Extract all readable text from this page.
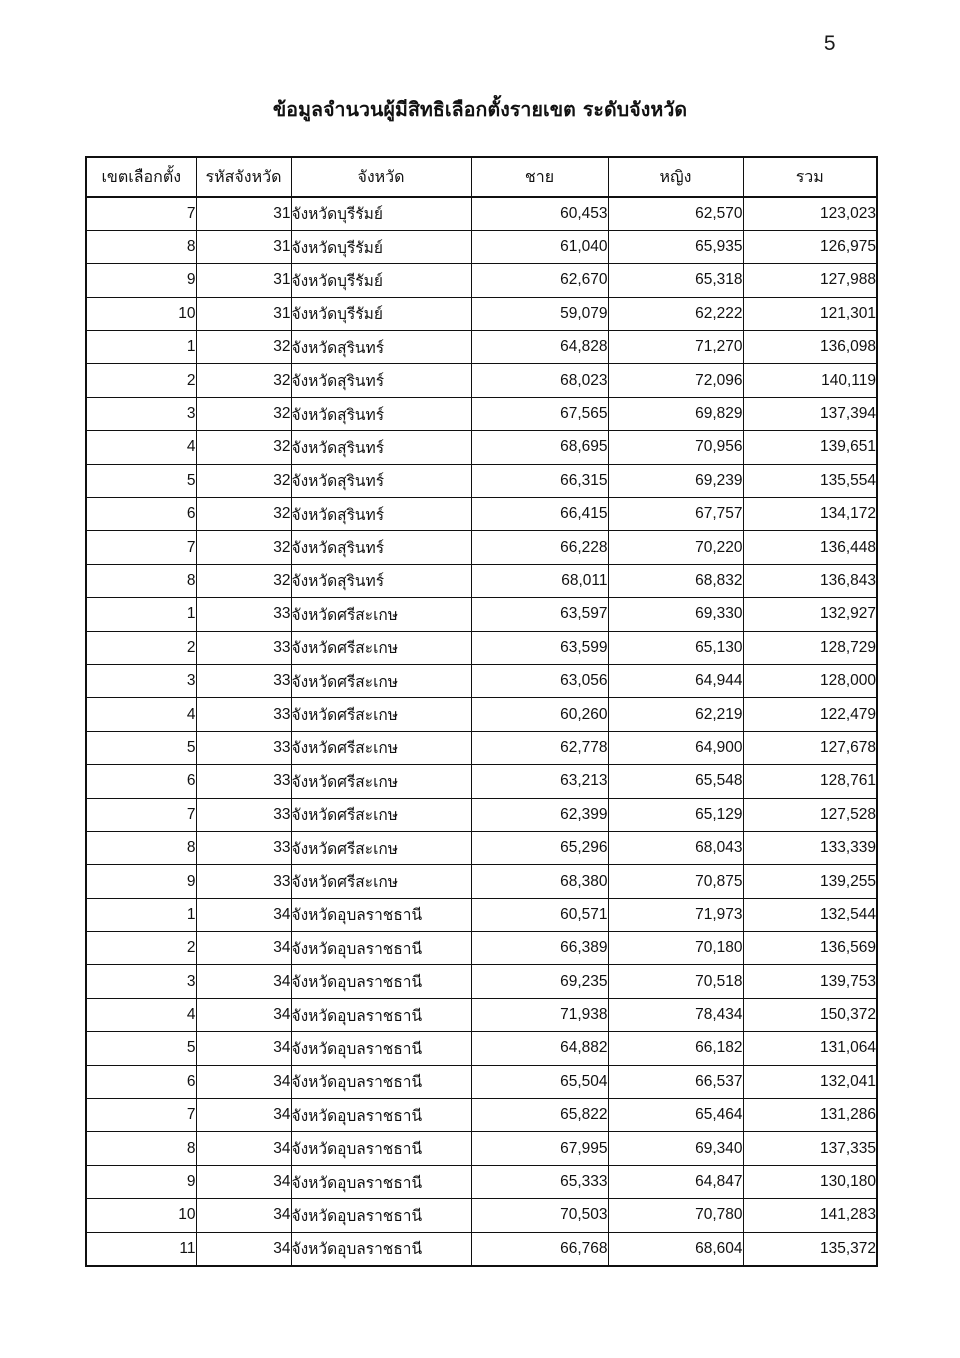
5
ข้อมูลจำนวนผู้มีสิทธิเลือกตั้งรายเขต ระดับจังหวัด
เขตเลือกตั้ง	รหัสจังหวัด	จังหวัด	ชาย	หญิง	รวม
7	31	จังหวัดบุรีรัมย์	60,453	62,570	123,023
8	31	จังหวัดบุรีรัมย์	61,040	65,935	126,975
9	31	จังหวัดบุรีรัมย์	62,670	65,318	127,988
10	31	จังหวัดบุรีรัมย์	59,079	62,222	121,301
1	32	จังหวัดสุรินทร์	64,828	71,270	136,098
2	32	จังหวัดสุรินทร์	68,023	72,096	140,119
3	32	จังหวัดสุรินทร์	67,565	69,829	137,394
4	32	จังหวัดสุรินทร์	68,695	70,956	139,651
5	32	จังหวัดสุรินทร์	66,315	69,239	135,554
6	32	จังหวัดสุรินทร์	66,415	67,757	134,172
7	32	จังหวัดสุรินทร์	66,228	70,220	136,448
8	32	จังหวัดสุรินทร์	68,011	68,832	136,843
1	33	จังหวัดศรีสะเกษ	63,597	69,330	132,927
2	33	จังหวัดศรีสะเกษ	63,599	65,130	128,729
3	33	จังหวัดศรีสะเกษ	63,056	64,944	128,000
4	33	จังหวัดศรีสะเกษ	60,260	62,219	122,479
5	33	จังหวัดศรีสะเกษ	62,778	64,900	127,678
6	33	จังหวัดศรีสะเกษ	63,213	65,548	128,761
7	33	จังหวัดศรีสะเกษ	62,399	65,129	127,528
8	33	จังหวัดศรีสะเกษ	65,296	68,043	133,339
9	33	จังหวัดศรีสะเกษ	68,380	70,875	139,255
1	34	จังหวัดอุบลราชธานี	60,571	71,973	132,544
2	34	จังหวัดอุบลราชธานี	66,389	70,180	136,569
3	34	จังหวัดอุบลราชธานี	69,235	70,518	139,753
4	34	จังหวัดอุบลราชธานี	71,938	78,434	150,372
5	34	จังหวัดอุบลราชธานี	64,882	66,182	131,064
6	34	จังหวัดอุบลราชธานี	65,504	66,537	132,041
7	34	จังหวัดอุบลราชธานี	65,822	65,464	131,286
8	34	จังหวัดอุบลราชธานี	67,995	69,340	137,335
9	34	จังหวัดอุบลราชธานี	65,333	64,847	130,180
10	34	จังหวัดอุบลราชธานี	70,503	70,780	141,283
11	34	จังหวัดอุบลราชธานี	66,768	68,604	135,372
